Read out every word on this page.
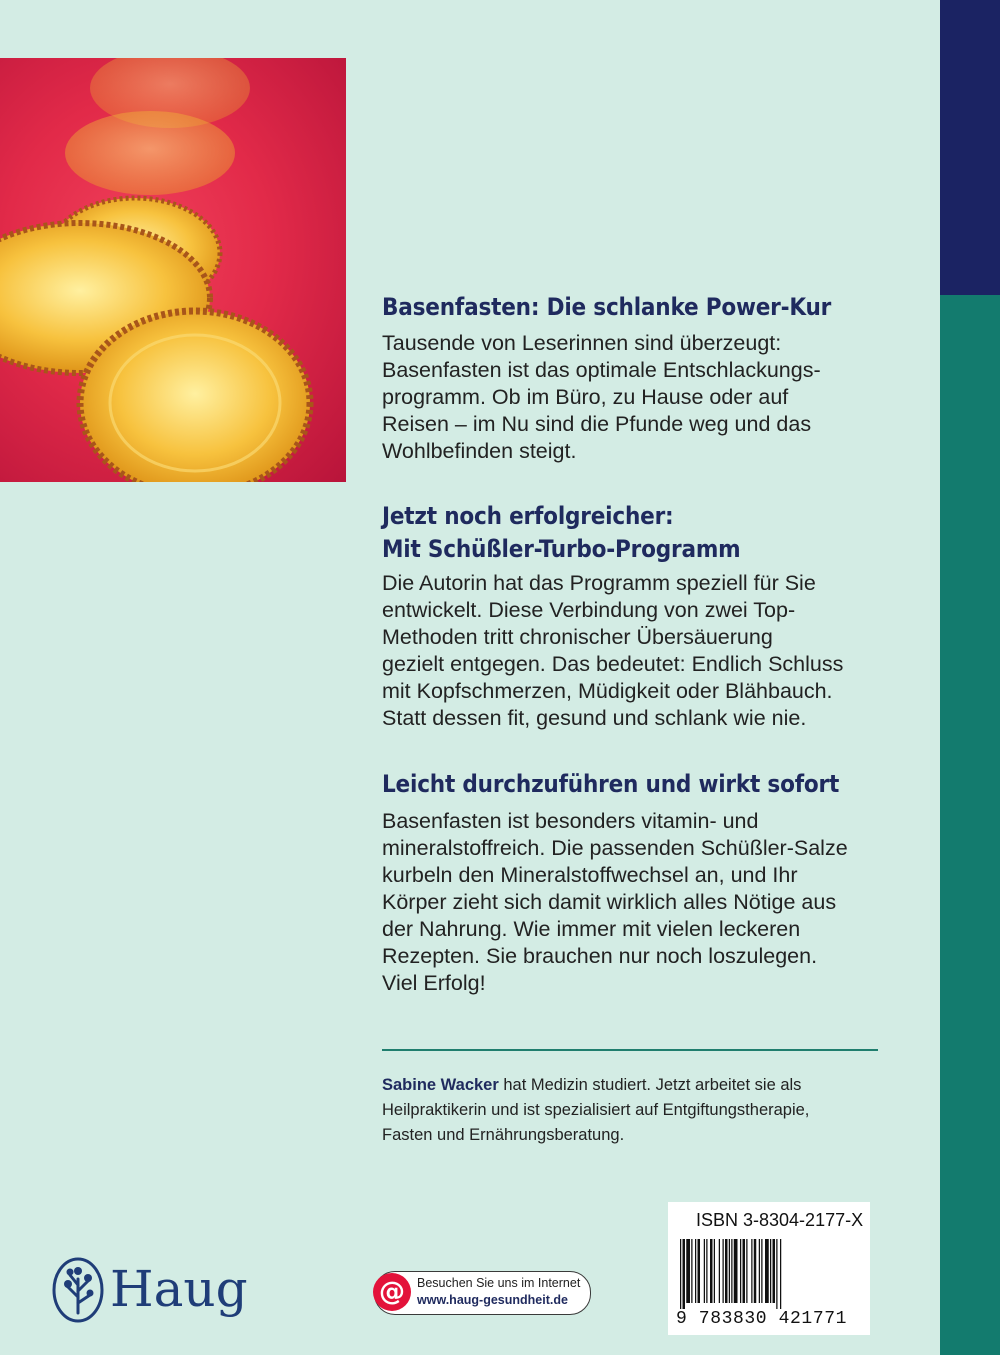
Basenfasten: Die schlanke Power-Kur

Tausende von Leserinnen sind überzeugt:
Basenfasten ist das optimale Entschlackungs-
programm. Ob im Büro, zu Hause oder auf
Reisen – im Nu sind die Pfunde weg und das
Wohlbefinden steigt.

Jetzt noch erfolgreicher:
Mit Schüßler-Turbo-Programm

Die Autorin hat das Programm speziell für Sie
entwickelt. Diese Verbindung von zwei Top-
Methoden tritt chronischer Übersäuerung
gezielt entgegen. Das bedeutet: Endlich Schluss
mit Kopfschmerzen, Müdigkeit oder Blähbauch.
Statt dessen fit, gesund und schlank wie nie.

Leicht durchzuführen und wirkt sofort

Basenfasten ist besonders vitamin- und
mineralstoffreich. Die passenden Schüßler-Salze
kurbeln den Mineralstoffwechsel an, und Ihr
Körper zieht sich damit wirklich alles Nötige aus
der Nahrung. Wie immer mit vielen leckeren
Rezepten. Sie brauchen nur noch loszulegen.
Viel Erfolg!

Sabine Wacker hat Medizin studiert. Jetzt arbeitet sie als
Heilpraktikerin und ist spezialisiert auf Entgiftungstherapie,
Fasten und Ernährungsberatung.
Haug	@ Besuchen Sie uns im Internet
www.haug-gesundheit.de
ISBN 3-8304-2177-X
9 783830 421771
